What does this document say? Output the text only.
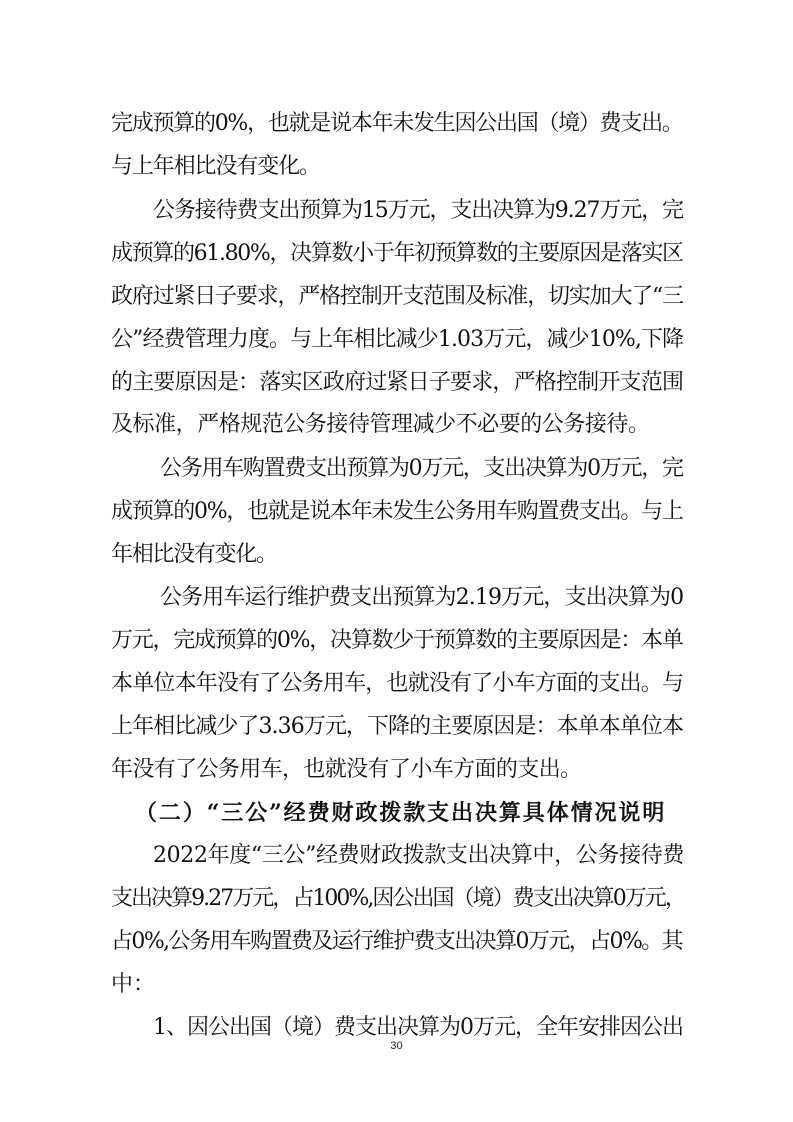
完成预算的0%，也就是说本年未发生因公出国（境）费支出。
与上年相比没有变化。
公务接待费支出预算为15万元，支出决算为9.27万元，完
成预算的61.80%，决算数小于年初预算数的主要原因是落实区
政府过紧日子要求，严格控制开支范围及标准，切实加大了“三
公”经费管理力度。与上年相比减少1.03万元，减少10%,下降
的主要原因是：落实区政府过紧日子要求，严格控制开支范围
及标准，严格规范公务接待管理减少不必要的公务接待。
公务用车购置费支出预算为0万元，支出决算为0万元，完
成预算的0%，也就是说本年未发生公务用车购置费支出。与上
年相比没有变化。
公务用车运行维护费支出预算为2.19万元，支出决算为0
万元，完成预算的0%，决算数少于预算数的主要原因是：本单
本单位本年没有了公务用车，也就没有了小车方面的支出。与
上年相比减少了3.36万元，下降的主要原因是：本单本单位本
年没有了公务用车，也就没有了小车方面的支出。
（二）“三公”经费财政拨款支出决算具体情况说明
2022年度“三公”经费财政拨款支出决算中，公务接待费
支出决算9.27万元，占100%,因公出国（境）费支出决算0万元，
占0%,公务用车购置费及运行维护费支出决算0万元，占0%。其
中：
1、因公出国（境）费支出决算为0万元，全年安排因公出
30
